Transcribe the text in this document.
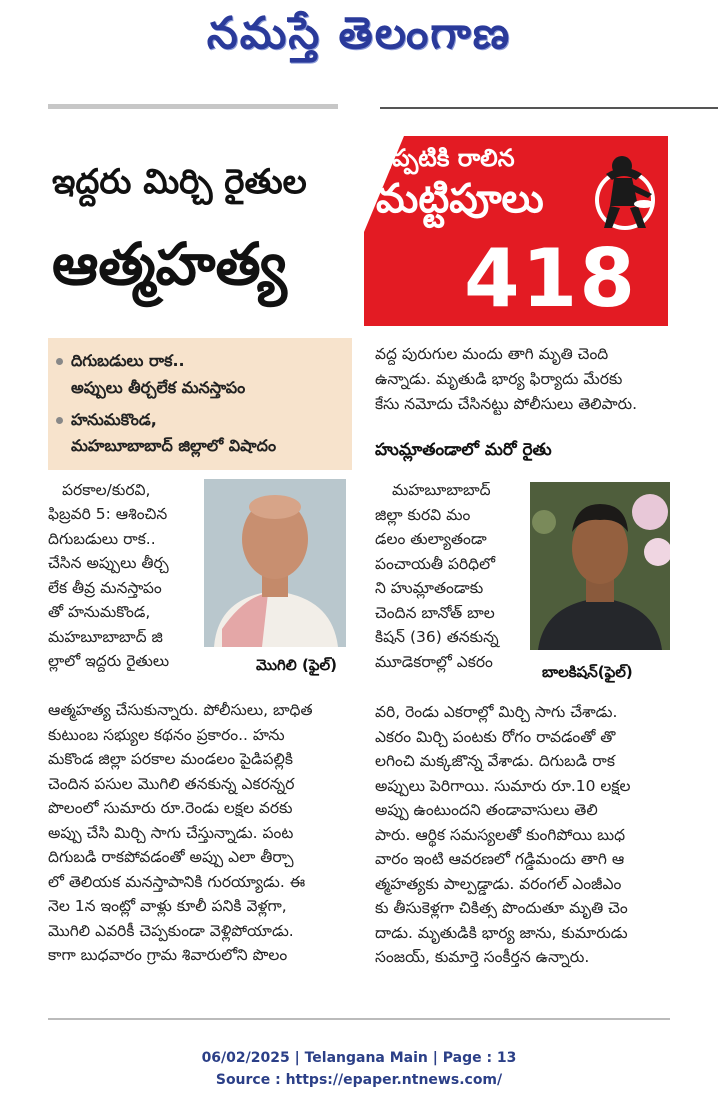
నమస్తే తెలంగాణ
ఇద్దరు మిర్చి రైతుల
ఆత్మహత్య
ఇప్పటికి రాలిన
మట్టిపూలు
418
దిగుబడులు రాక..
అప్పులు తీర్చలేక మనస్తాపం
హనుమకొండ,
మహబూబాబాద్ జిల్లాలో విషాదం
పరకాల/కురవి,
ఫిబ్రవరి 5: ఆశించిన
దిగుబడులు రాక..
చేసిన అప్పులు తీర్చ
లేక తీవ్ర మనస్తాపం
తో హనుమకొండ,
మహబూబాబాద్ జి
ల్లాలో ఇద్దరు రైతులు	మొగిలి (ఫైల్)
ఆత్మహత్య చేసుకున్నారు. పోలీసులు, బాధిత
కుటుంబ సభ్యుల కథనం ప్రకారం.. హను
మకొండ జిల్లా పరకాల మండలం పైడిపల్లికి
చెందిన పసుల మొగిలి తనకున్న ఎకరన్నర
పొలంలో సుమారు రూ.రెండు లక్షల వరకు
అప్పు చేసి మిర్చి సాగు చేస్తున్నాడు. పంట
దిగుబడి రాకపోవడంతో అప్పు ఎలా తీర్చా
లో తెలియక మనస్తాపానికి గురయ్యాడు. ఈ
నెల 1న ఇంట్లో వాళ్లు కూలీ పనికి వెళ్లగా,
మొగిలి ఎవరికీ చెప్పకుండా వెళ్లిపోయాడు.
కాగా బుధవారం గ్రామ శివారులోని పొలం
వద్ద పురుగుల మందు తాగి మృతి చెంది
ఉన్నాడు. మృతుడి భార్య ఫిర్యాదు మేరకు
కేసు నమోదు చేసినట్టు పోలీసులు తెలిపారు.
హుమ్లాతండాలో మరో రైతు
మహబూబాబాద్
జిల్లా కురవి మం
డలం తుల్యాతండా
పంచాయతీ పరిధిలో
ని హుమ్లాతండాకు
చెందిన బానోత్ బాల
కిషన్ (36) తనకున్న
మూడెకరాల్లో ఎకరం
బాలకిషన్(ఫైల్)
వరి, రెండు ఎకరాల్లో మిర్చి సాగు చేశాడు.
ఎకరం మిర్చి పంటకు రోగం రావడంతో తొ
లగించి మక్కజొన్న వేశాడు. దిగుబడి రాక
అప్పులు పెరిగాయి. సుమారు రూ.10 లక్షల
అప్పు ఉంటుందని తండావాసులు తెలి
పారు. ఆర్థిక సమస్యలతో కుంగిపోయి బుధ
వారం ఇంటి ఆవరణలో గడ్డిమందు తాగి ఆ
త్మహత్యకు పాల్పడ్డాడు. వరంగల్ ఎంజీఎం
కు తీసుకెళ్లగా చికిత్స పొందుతూ మృతి చెం
దాడు. మృతుడికి భార్య జాను, కుమారుడు
సంజయ్, కుమార్తె సంకీర్తన ఉన్నారు.
06/02/2025 | Telangana Main | Page : 13
Source : https://epaper.ntnews.com/
